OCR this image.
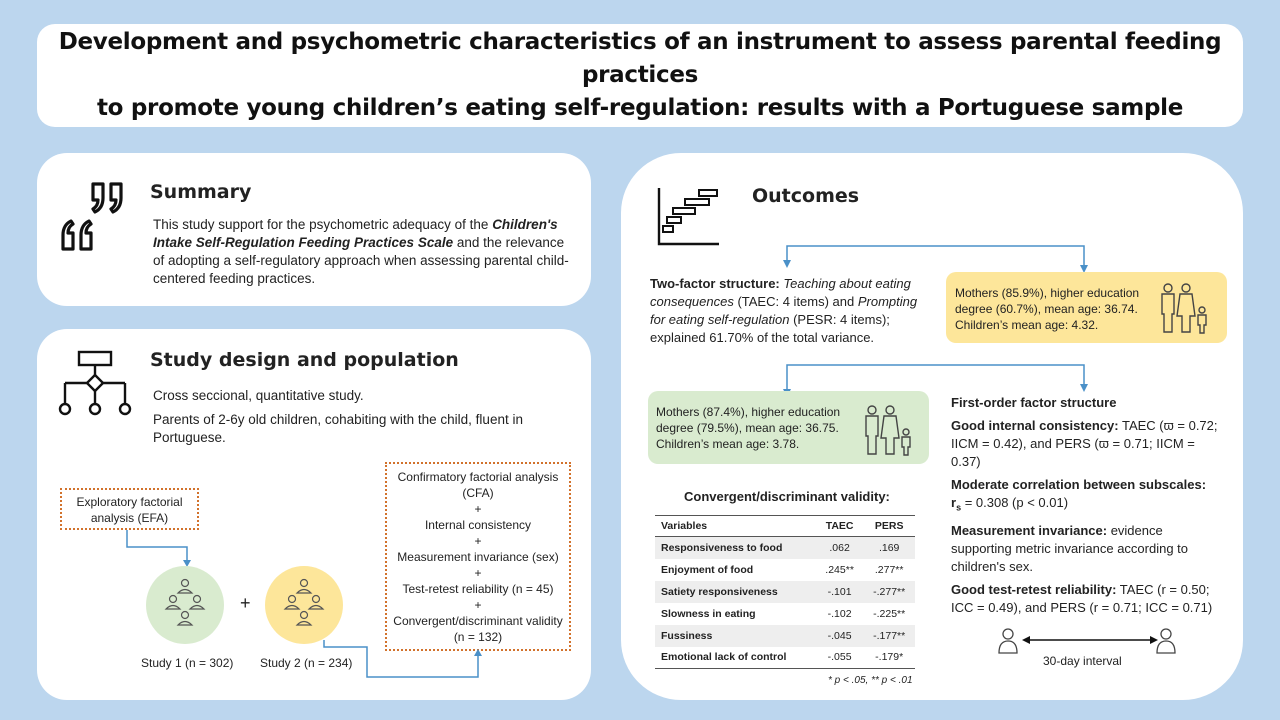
Development and psychometric characteristics of an instrument to assess parental feeding practices
to promote young children’s eating self-regulation: results with a Portuguese sample
Summary
This study support for the psychometric adequacy of the Children's Intake Self-Regulation Feeding Practices Scale and the relevance of adopting a self-regulatory approach when assessing parental child-centered feeding practices.
Study design and population

Cross seccional, quantitative study.

Parents of 2-6y old children, cohabiting with the child, fluent in Portuguese.

Exploratory factorial analysis (EFA)
Confirmatory factorial analysis (CFA)
+
Internal consistency
+
Measurement invariance (sex)
+
Test-retest reliability (n = 45)
+
Convergent/discriminant validity (n = 132)
+
Study 1 (n = 302) Study 2 (n = 234)
Outcomes
Two-factor structure: Teaching about eating consequences (TAEC: 4 items) and Prompting for eating self-regulation (PESR: 4 items); explained 61.70% of the total variance.
Mothers (85.9%), higher education degree (60.7%), mean age: 36.74. Children’s mean age: 4.32.
Mothers (87.4%), higher education degree (79.5%), mean age: 36.75. Children’s mean age: 3.78.
Convergent/discriminant validity:
Variables	TAEC	PERS
Responsiveness to food	.062	.169
Enjoyment of food	.245**	.277**
Satiety responsiveness	-.101	-.277**
Slowness in eating	-.102	-.225**
Fussiness	-.045	-.177**
Emotional lack of control	-.055	-.179*
* p < .05, ** p < .01

First-order factor structure

Good internal consistency: TAEC (ϖ = 0.72; IICM = 0.42), and PERS (ϖ = 0.71; IICM = 0.37)

Moderate correlation between subscales:
$r_s = 0.308$ (p < 0.01)

Measurement invariance: evidence supporting metric invariance according to children's sex.

Good test-retest reliability: TAEC (r = 0.50; ICC = 0.49), and PERS (r = 0.71; ICC = 0.71)

30-day interval
